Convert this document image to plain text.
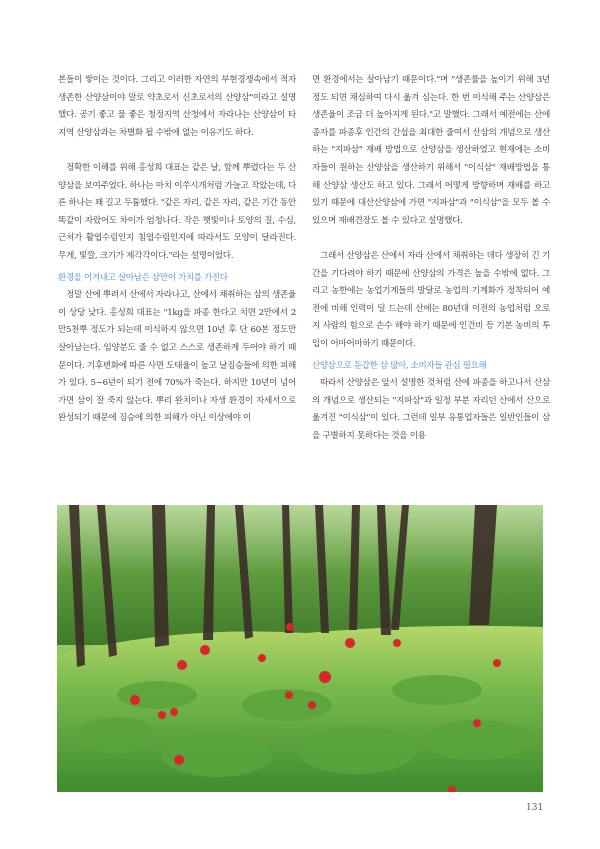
본들이 쌓이는 것이다. 그리고 이러한 자연의 부현경쟁속에서 적자생존한 산양삼이야 말로 약초로서 신초로서의 산양삼"이라고 설명했다. 공기 좋고 물 좋은 청정지역 산청에서 자라나는 산양삼이 타 지역 산양삼과는 차별화 될 수밖에 없는 이유기도 하다.

정확한 이해를 위해 홍성희 대표는 같은 날, 함께 뿌렸다는 두 산양삼을 보여주었다. 하나는 마치 이쑤시개처럼 가늘고 작았는데, 다른 하나는 꽤 길고 두툼했다. "같은 자리, 같은 자리, 같은 기간 동안 똑같이 자랐어도 차이가 엄청나다. 작은 햇빛이나 토양의 질, 수심, 근처가 활엽수림인지 침엽수림인지에 따라서도 모양이 달라진다. 무게, 빛깔, 크기가 제각각이다."라는 설명이었다.

환경을 이겨내고 살아남은 삼만이 가치를 가진다

정말 산에 뿌려서 산에서 자라나고, 산에서 채취하는 삼의 생존율이 상당 낮다. 홍성희 대표는 "1kg을 파종 한다고 치면 2만에서 2만5천뿌 정도가 되는데 이식하지 않으면 10년 후 단 60본 정도만 살아남는다. 임양분도 줄 수 없고 스스로 생존하게 두어야 하기 때문이다. 기후변화에 따른 사면 도태율이 높고 날짐승들에 의한 피해가 있다. 5~6년이 되기 전에 70%가 죽는다. 하지만 10년이 넘어가면 삼이 잘 죽지 않는다. 뿌리 완치이나 자생 환경이 자세서으로 완성되기 때문에 짐승에 의한 피해가 아닌 이상에야 이

면 환경에서는 살아남기 때문이다."며 "생존률을 높이기 위해 3년 정도 되면 채심하여 다시 옮겨 심는다. 한 번 이식해 주는 산양삼은 생존율이 조금 더 높아지게 된다."고 말했다. 그래서 예전에는 산에 종자를 파종후 인간의 간섭을 최대한 줄여서 산삼의 개념으로 생산하는 "지파삼" 재배 방법으로 산양삼을 생산하였고 현재에는 소비자들이 원하는 산양삼을 생산하기 위해서 "이식삼" 재배방법을 통해 산양삼 생산도 하고 있다. 그래서 어떻게 방향하며 재배를 하고 있기 때문에 대산산양삼에 가면 "지파삼"과 "이식삼"을 모두 볼 수 있으며 재배견장도 볼 수 있다고 설명했다.

그래서 산양삼은 산에서 자라 산에서 채취하는 데다 생장히 긴 기간을 기다려야 하기 때문에 산양삼의 가격은 높을 수밖에 없다. 그리고 농한에는 농업기계들의 발달로 농업의 기계화가 정착되어 예전에 비해 인력이 덜 드는데 산에는 80년대 이전의 농업처럼 오로지 사람의 힘으로 손수 해야 하기 때문에 인건비 등 기본 농비의 투입이 어마어마하기 때문이다.

산양삼으로 둔갑한 삼 많아, 소비자들 관심 필요해

따라서 산양삼은 앞서 설명한 것처럼 산에 파종을 하고나서 산삼의 개념으로 생산되는 "지파삼"과 일정 부분 자리던 산에서 산으로 옮겨진 "이식삼"이 있다. 그런데 일부 유통업자들은 일반인들이 삼을 구별하지 못하다는 것을 이용

131
